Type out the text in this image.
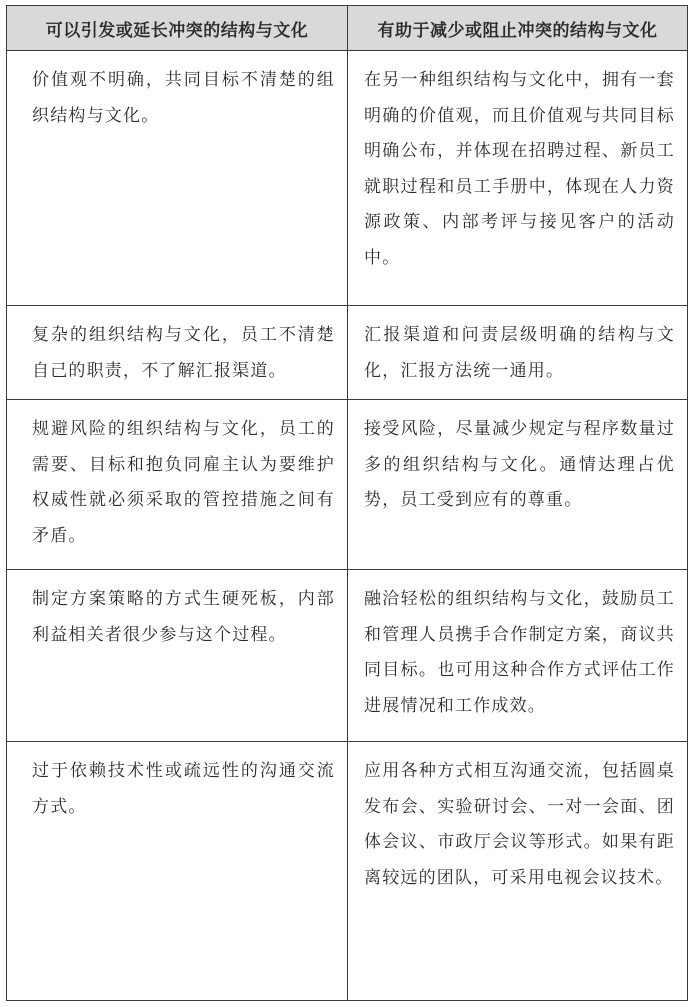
可以引发或延长冲突的结构与文化	有助于减少或阻止冲突的结构与文化
价值观不明确，共同目标不清楚的组织结构与文化。	在另一种组织结构与文化中，拥有一套明确的价值观，而且价值观与共同目标明确公布，并体现在招聘过程、新员工就职过程和员工手册中，体现在人力资源政策、内部考评与接见客户的活动中。
复杂的组织结构与文化，员工不清楚自己的职责，不了解汇报渠道。	汇报渠道和问责层级明确的结构与文化，汇报方法统一通用。
规避风险的组织结构与文化，员工的需要、目标和抱负同雇主认为要维护权威性就必须采取的管控措施之间有矛盾。	接受风险，尽量减少规定与程序数量过多的组织结构与文化。通情达理占优势，员工受到应有的尊重。
制定方案策略的方式生硬死板，内部利益相关者很少参与这个过程。	融洽轻松的组织结构与文化，鼓励员工和管理人员携手合作制定方案，商议共同目标。也可用这种合作方式评估工作进展情况和工作成效。
过于依赖技术性或疏远性的沟通交流方式。	应用各种方式相互沟通交流，包括圆桌发布会、实验研讨会、一对一会面、团体会议、市政厅会议等形式。如果有距离较远的团队，可采用电视会议技术。
